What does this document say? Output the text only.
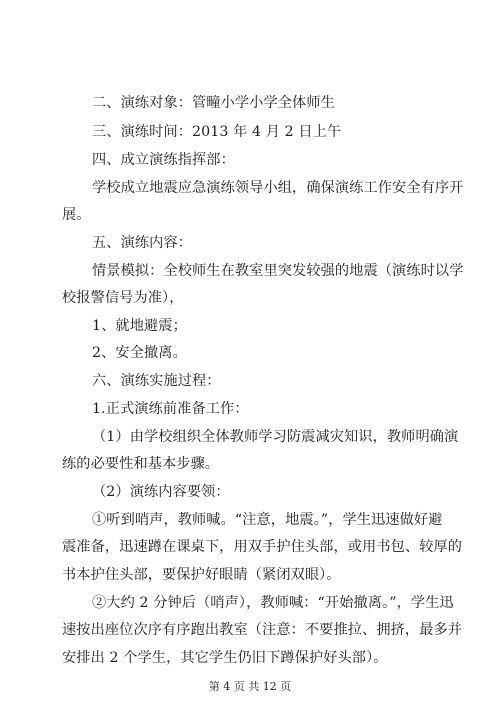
二、演练对象：管疃小学小学全体师生
三、演练时间：2013 年 4 月 2 日上午
四、成立演练指挥部：
学校成立地震应急演练领导小组，确保演练工作安全有序开
展。
五、演练内容：
情景模拟：全校师生在教室里突发较强的地震（演练时以学
校报警信号为准），
1、就地避震；
2、安全撤离。
六、演练实施过程：
1.正式演练前准备工作：
（1）由学校组织全体教师学习防震减灾知识，教师明确演
练的必要性和基本步骤。
（2）演练内容要领：
①听到哨声，教师喊。“注意，地震。”，学生迅速做好避
震准备，迅速蹲在课桌下，用双手护住头部，或用书包、较厚的
书本护住头部，要保护好眼睛（紧闭双眼）。
②大约 2 分钟后（哨声），教师喊：“开始撤离。”，学生迅
速按出座位次序有序跑出教室（注意：不要推拉、拥挤，最多并
安排出 2 个学生，其它学生仍旧下蹲保护好头部）。
第 4 页 共 12 页
